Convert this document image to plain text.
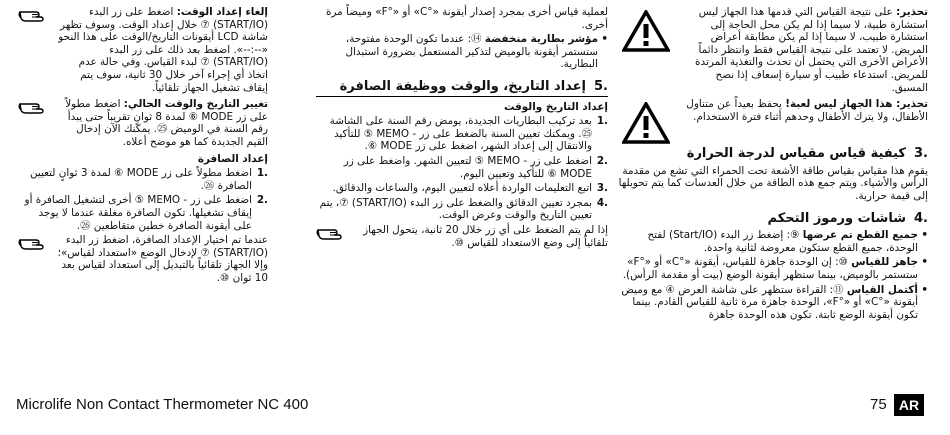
تحذير: على نتيجة القياس التي قدمها هذا الجهاز ليس استشارة طبية، لا سيما إذا لم يكن محل الحاجة إلى استشارة طبيب، لا سيما إذا لم يكن مطابقة أعراض المريض. لا تعتمد على نتيجة القياس فقط وانتظر دائماً الأعراض الأخرى التي يحتمل أن تحدث والتغذية المرتدة للمريض. استدعاء طبيب أو سيارة إسعاف إذا نصح المسبق.

تحذير: هذا الجهاز ليس لعبة! يحفظ بعيداً عن متناول الأطفال، ولا يترك الأطفال وحدهم أثناء فترة الاستخدام.

.3كيفية قياس مقياس لدرجة الحرارة

يقوم هذا مقياس بقياس طاقة الأشعة تحت الحمراء التي تشع من مقدمة الرأس والأشياء. ويتم جمع هذه الطاقة من خلال العدسات كما يتم تحويلها إلى قيمة حرارية.

.4شاشات ورموز التحكم
• جميع القطع تم عرضها ⑨: إضغط زر البدء (Start/IO) لفتح الوحدة، جميع القطع ستكون معروضة لثانية واحدة.
• جاهز للقياس ⑩: إن الوحدة جاهزة للقياس، أيقونة «°C» أو «°F» ستستمر بالوميض، بينما ستظهر أيقونة الوضع (بيت أو مقدمة الرأس).
• أكتمل القياس ⑪: القراءة ستظهر على شاشة العرض ④ مع وميض أيقونة «°C» أو «°F»، الوحدة جاهزة مرة ثانية للقياس القادم. بينما تكون أيقونة الوضع ثابتة. تكون هذه الوحدة جاهزة

لعملية قياس أخرى بمجرد إصدار أيقونة «°C» أو «°F» وميضاً مرة أخرى.

• مؤشر بطارية منخفضة ⑭: عندما تكون الوحدة مفتوحة، ستستمر أيقونة بالوميض لتذكير المستعمل بضرورة استبدال البطارية.
.5إعداد التاريخ، والوقت ووظيفة الصافرة
إعداد التاريخ والوقت
.1
بعد تركيب البطاريات الجديدة، يومض رقم السنة على الشاشة ㉕. ويمكنك تعيين السنة بالضغط على زر - MEMO ⑤ للتأكيد والانتقال إلى إعداد الشهر، اضغط على زر MODE ⑥.
.2
اضغط على زر - MEMO ⑤ لتعيين الشهر. واضغط على زر MODE ⑥ للتأكيد وتعيين اليوم.
.3
اتبع التعليمات الواردة أعلاه لتعيين اليوم، والساعات والدقائق.
.4
بمجرد تعيين الدقائق والضغط على زر البدء (START/IO) ⑦، يتم تعيين التاريخ والوقت وعرض الوقت.

إذا لم يتم الضغط على أي زر خلال 20 ثانية، يتحول الجهاز تلقائياً إلى وضع الاستعداد للقياس ⑩.

إلغاء إعداد الوقت: اضغط على زر البدء (START/IO) ⑦ خلال إعداد الوقت. وسوف تظهر شاشة LCD أيقونات التاريخ/الوقت على هذا النحو «--:--». اضغط بعد ذلك على زر البدء (START/IO) ⑦ لبدء القياس. وفي حالة عدم اتخاذ أي إجراء آخر خلال 30 ثانية، سوف يتم إيقاف تشغيل الجهاز تلقائياً.

تغيير التاريخ والوقت الحالي: اضغط مطولاً على زر MODE ⑥ لمدة 8 ثوانٍ تقريباً حتى يبدأ رقم السنة في الوميض ㉕. يمكنك الآن إدخال القيم الجديدة كما هو موضح أعلاه.

إعداد الصافرة
.1
اضغط مطولاً على زر MODE ⑥ لمدة 3 ثوانٍ لتعيين الصافرة ㉖.
.2
اضغط على زر - MEMO ⑤ أخرى لتشغيل الصافرة أو إيقاف تشغيلها. تكون الصافرة مغلقة عندما لا يوجد على أيقونة الصافرة خطين متقاطعين ㉖.

عندما تم اختيار الإعداد الصافرة، اضغط زر البدء (START/IO) ⑦ لإدخال الوضع «استعداد لقياس»؛ وإلا الجهاز تلقائياً بالتبديل إلى استعداد لقياس بعد 10 ثوان ⑩.

Microlife Non Contact Thermometer NC 400	75 AR
